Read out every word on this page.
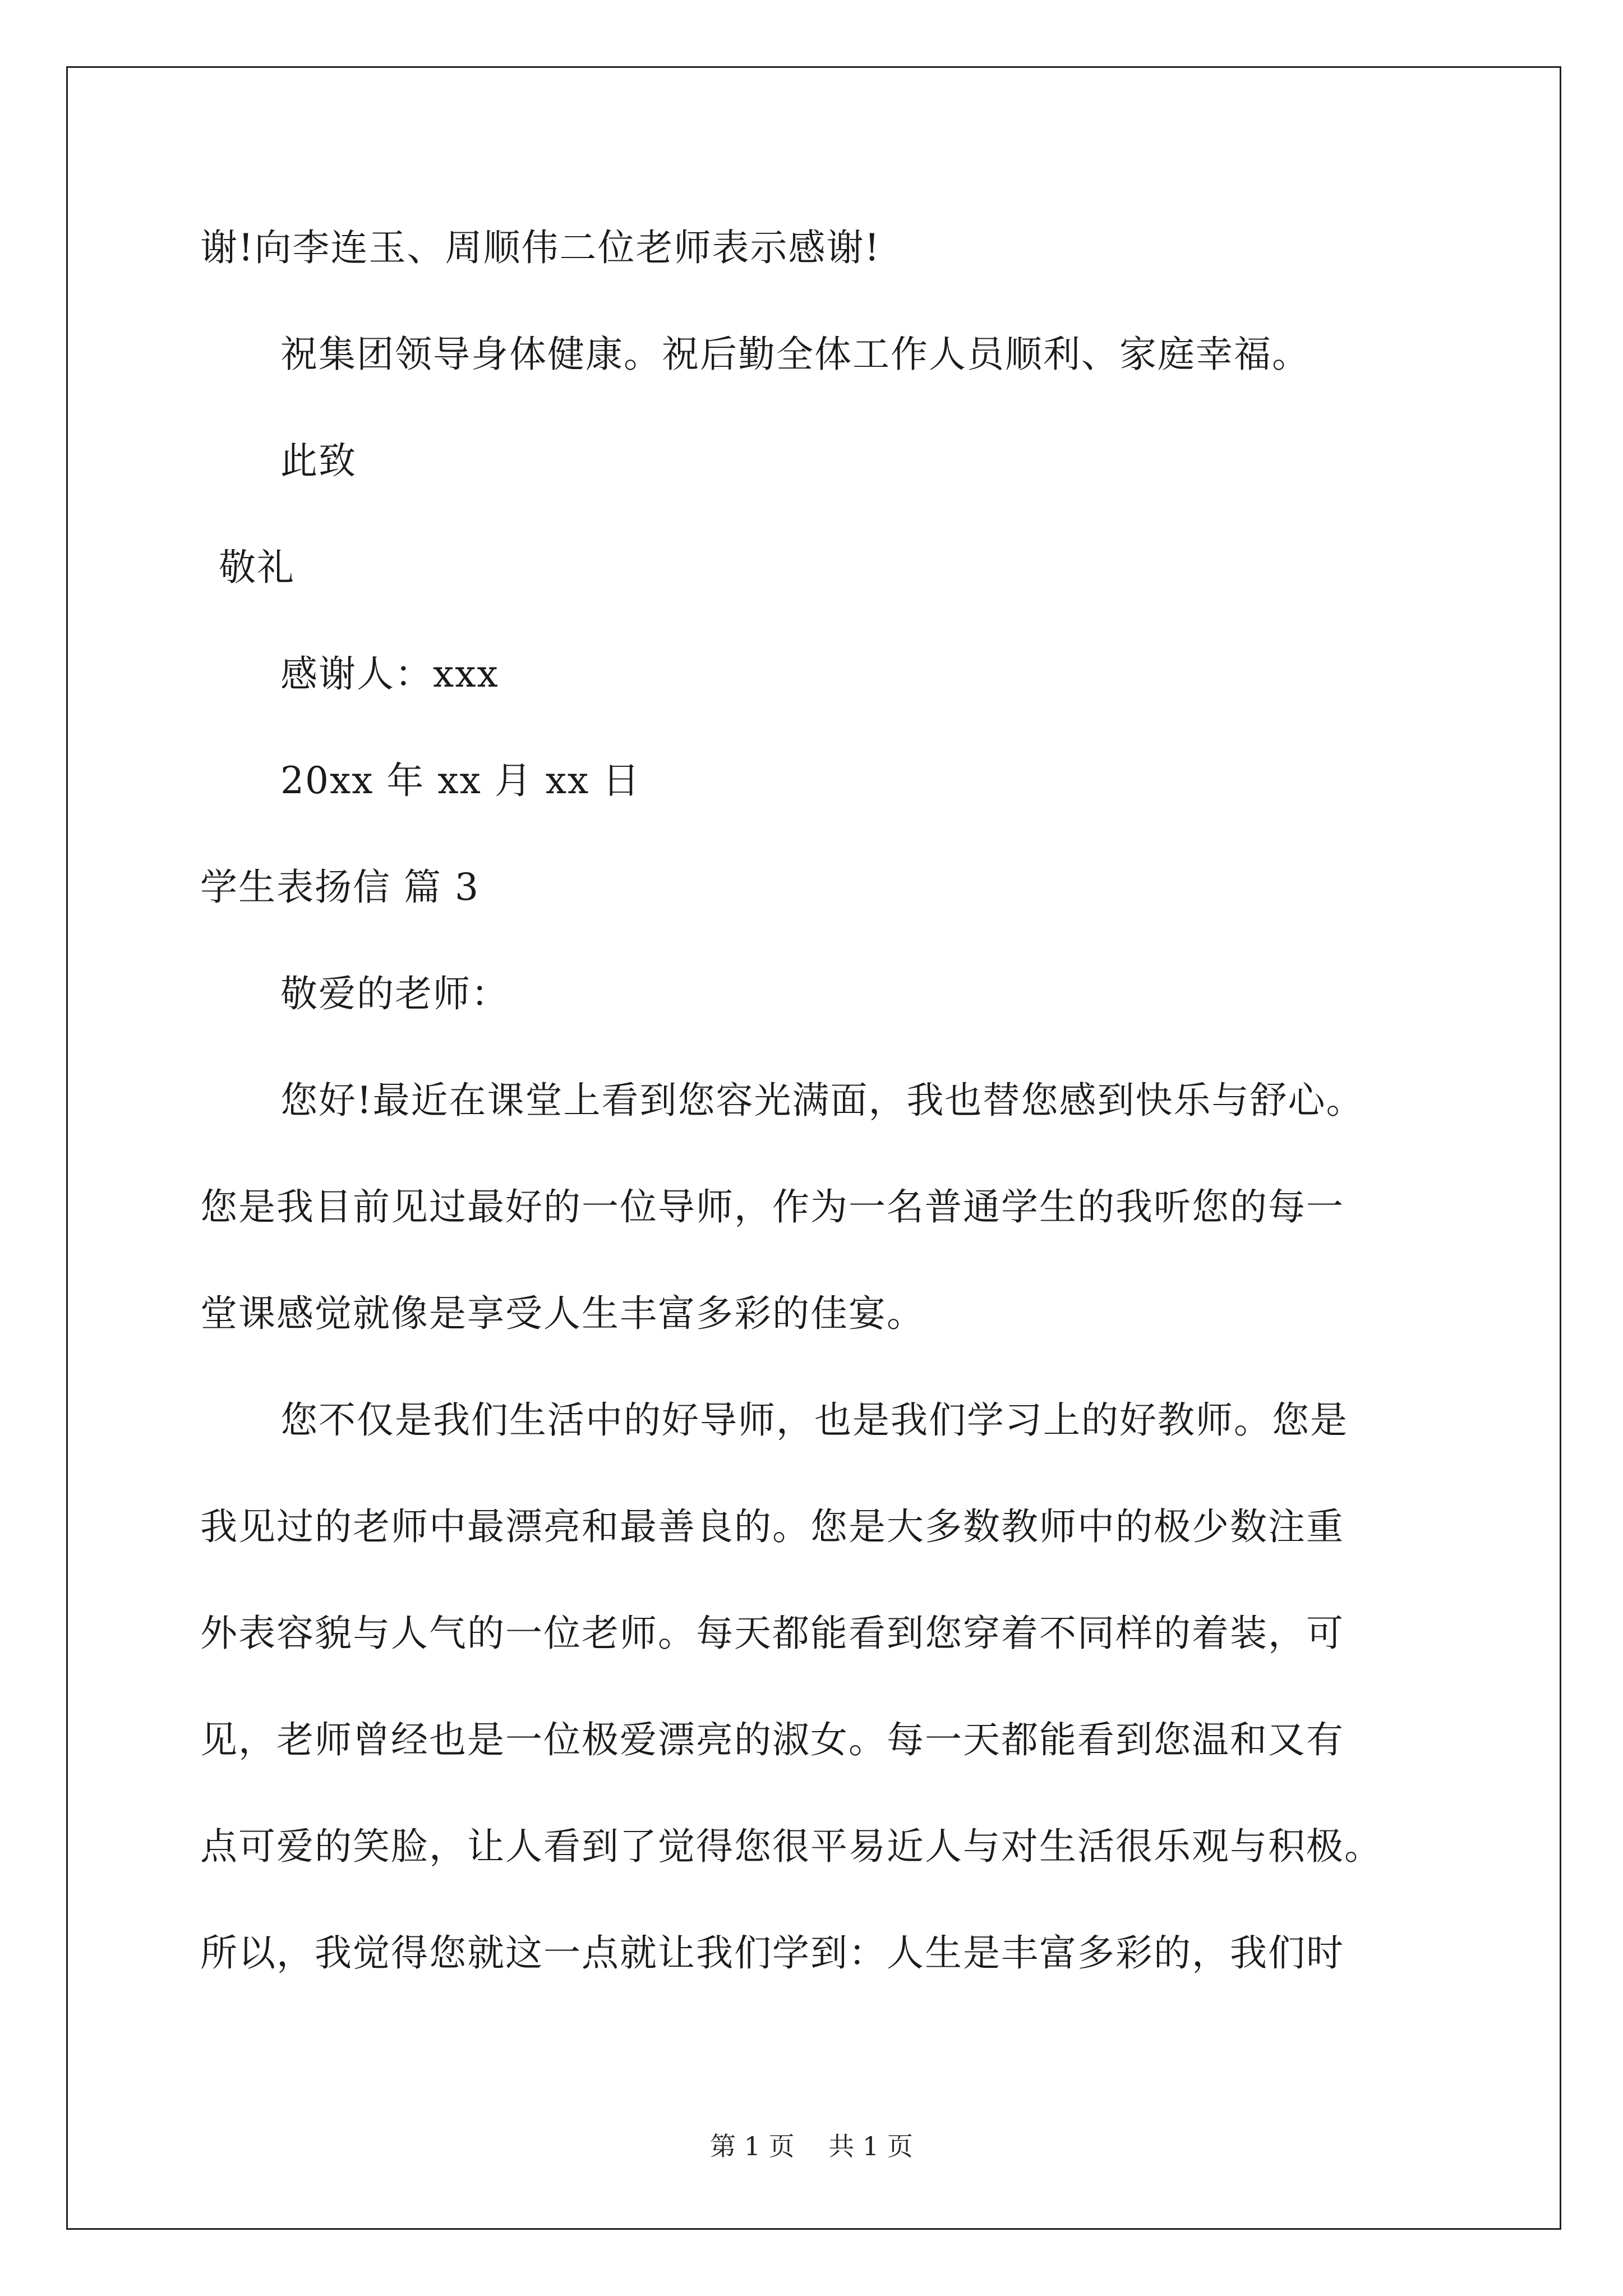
谢!向李连玉、周顺伟二位老师表示感谢!
祝集团领导身体健康。祝后勤全体工作人员顺利、家庭幸福。
此致
敬礼
感谢人：xxx
20xx 年 xx 月 xx 日
学生表扬信 篇 3
敬爱的老师：
您好!最近在课堂上看到您容光满面，我也替您感到快乐与舒心。
您是我目前见过最好的一位导师，作为一名普通学生的我听您的每一
堂课感觉就像是享受人生丰富多彩的佳宴。
您不仅是我们生活中的好导师，也是我们学习上的好教师。您是
我见过的老师中最漂亮和最善良的。您是大多数教师中的极少数注重
外表容貌与人气的一位老师。每天都能看到您穿着不同样的着装，可
见，老师曾经也是一位极爱漂亮的淑女。每一天都能看到您温和又有
点可爱的笑脸，让人看到了觉得您很平易近人与对生活很乐观与积极。
所以，我觉得您就这一点就让我们学到：人生是丰富多彩的，我们时
第 1 页　 共 1 页
